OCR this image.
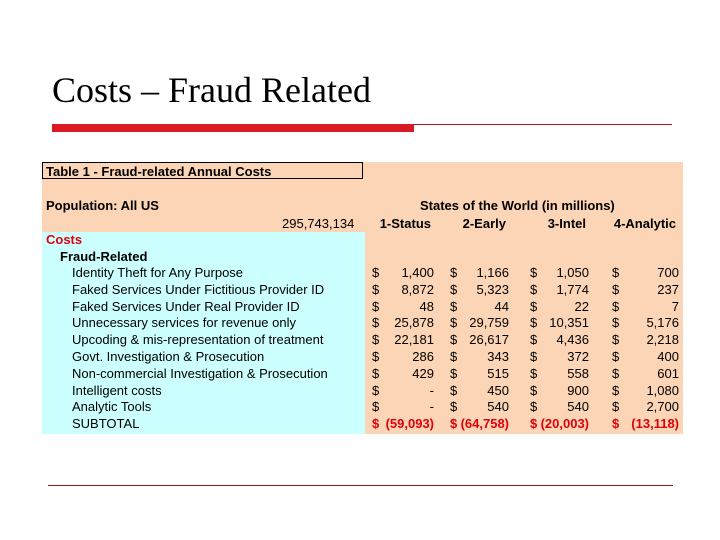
Costs – Fraud Related
Table 1 - Fraud-related Annual Costs
Population: All US
295,743,134
States of the World (in millions)
1-Status	2-Early	3-Intel	4-Analytic
Costs
Fraud-Related
Identity Theft for Any Purpose	$	1,400 $	1,166 $	1,050 $	700
Faked Services Under Fictitious Provider ID	$	8,872 $	5,323 $	1,774 $	237
Faked Services Under Real Provider ID	$	48 $	44 $	22 $	7
Unnecessary services for revenue only	$	25,878 $ 29,759 $ 10,351 $	5,176
Upcoding & mis-representation of treatment	$	22,181 $ 26,617 $	4,436 $	2,218
Govt. Investigation & Prosecution	$	286 $	343 $	372 $	400
Non-commercial Investigation & Prosecution	$	429 $	515 $	558 $	601
Intelligent costs	$	- $	450 $	900 $	1,080
Analytic Tools	$	- $	540 $	540 $	2,700
SUBTOTAL	$ (59,093) $ (64,758) $ (20,003) $ (13,118)
